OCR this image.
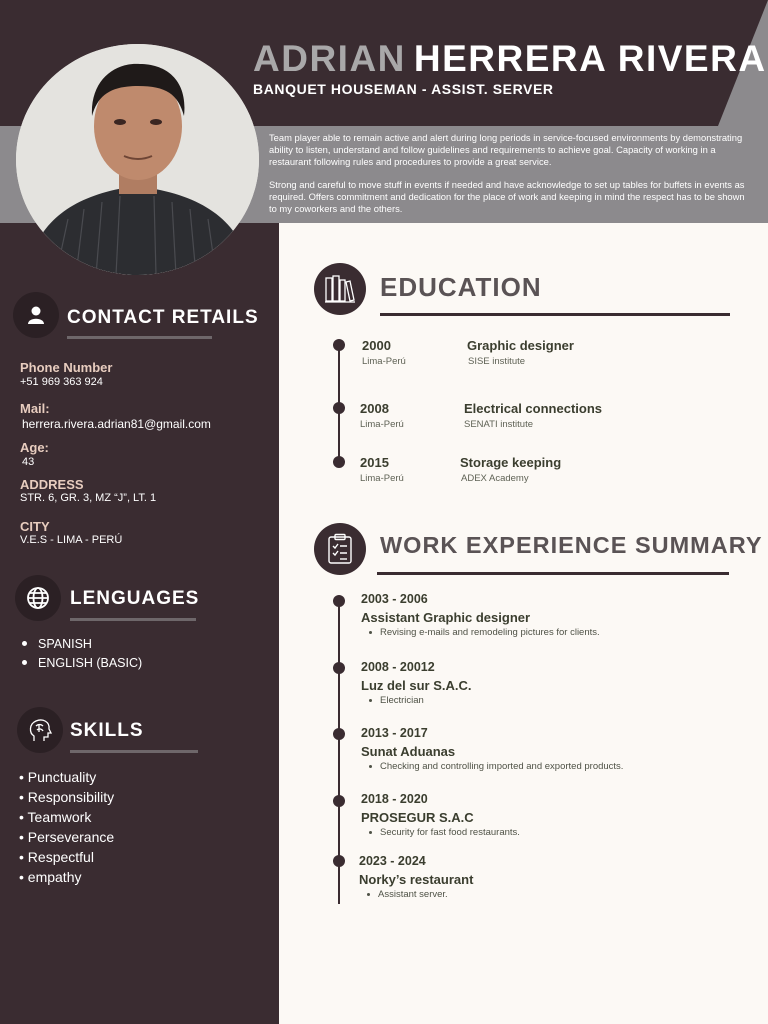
ADRIAN HERRERA RIVERA
BANQUET HOUSEMAN - ASSIST. SERVER

Team player able to remain active and alert during long periods in service-focused environments by demonstrating ability to listen, understand and follow guidelines and requirements to achieve goal. Capacity of working in a restaurant following rules and procedures to provide a great service.

Strong and careful to move stuff in events if needed and have acknowledge to set up tables for buffets in events as required. Offers commitment and dedication for the place of work and keeping in mind the respect has to be shown to my coworkers and the others.

CONTACT RETAILS
Phone Number
+51 969 363 924
Mail:
herrera.rivera.adrian81@gmail.com
Age:
43
ADDRESS
STR. 6, GR. 3, MZ “J”, LT. 1
CITY
V.E.S - LIMA - PERÚ
LENGUAGES
SPANISH
ENGLISH (BASIC)
SKILLS
• Punctuality
• Responsibility
• Teamwork
• Perseverance
• Respectful
• empathy
EDUCATION
2000
Lima-Perú
Graphic designer
SISE institute
2008
Lima-Perú
Electrical connections
SENATI institute
2015
Lima-Perú
Storage keeping
ADEX Academy
WORK EXPERIENCE SUMMARY
2003 - 2006
Assistant Graphic designer
Revising e-mails and remodeling pictures for clients.
2008 - 20012
Luz del sur S.A.C.
Electrician
2013 - 2017
Sunat Aduanas
Checking and controlling imported and exported products.
2018 - 2020
PROSEGUR S.A.C
Security for fast food restaurants.
2023 - 2024
Norky’s restaurant
Assistant server.
